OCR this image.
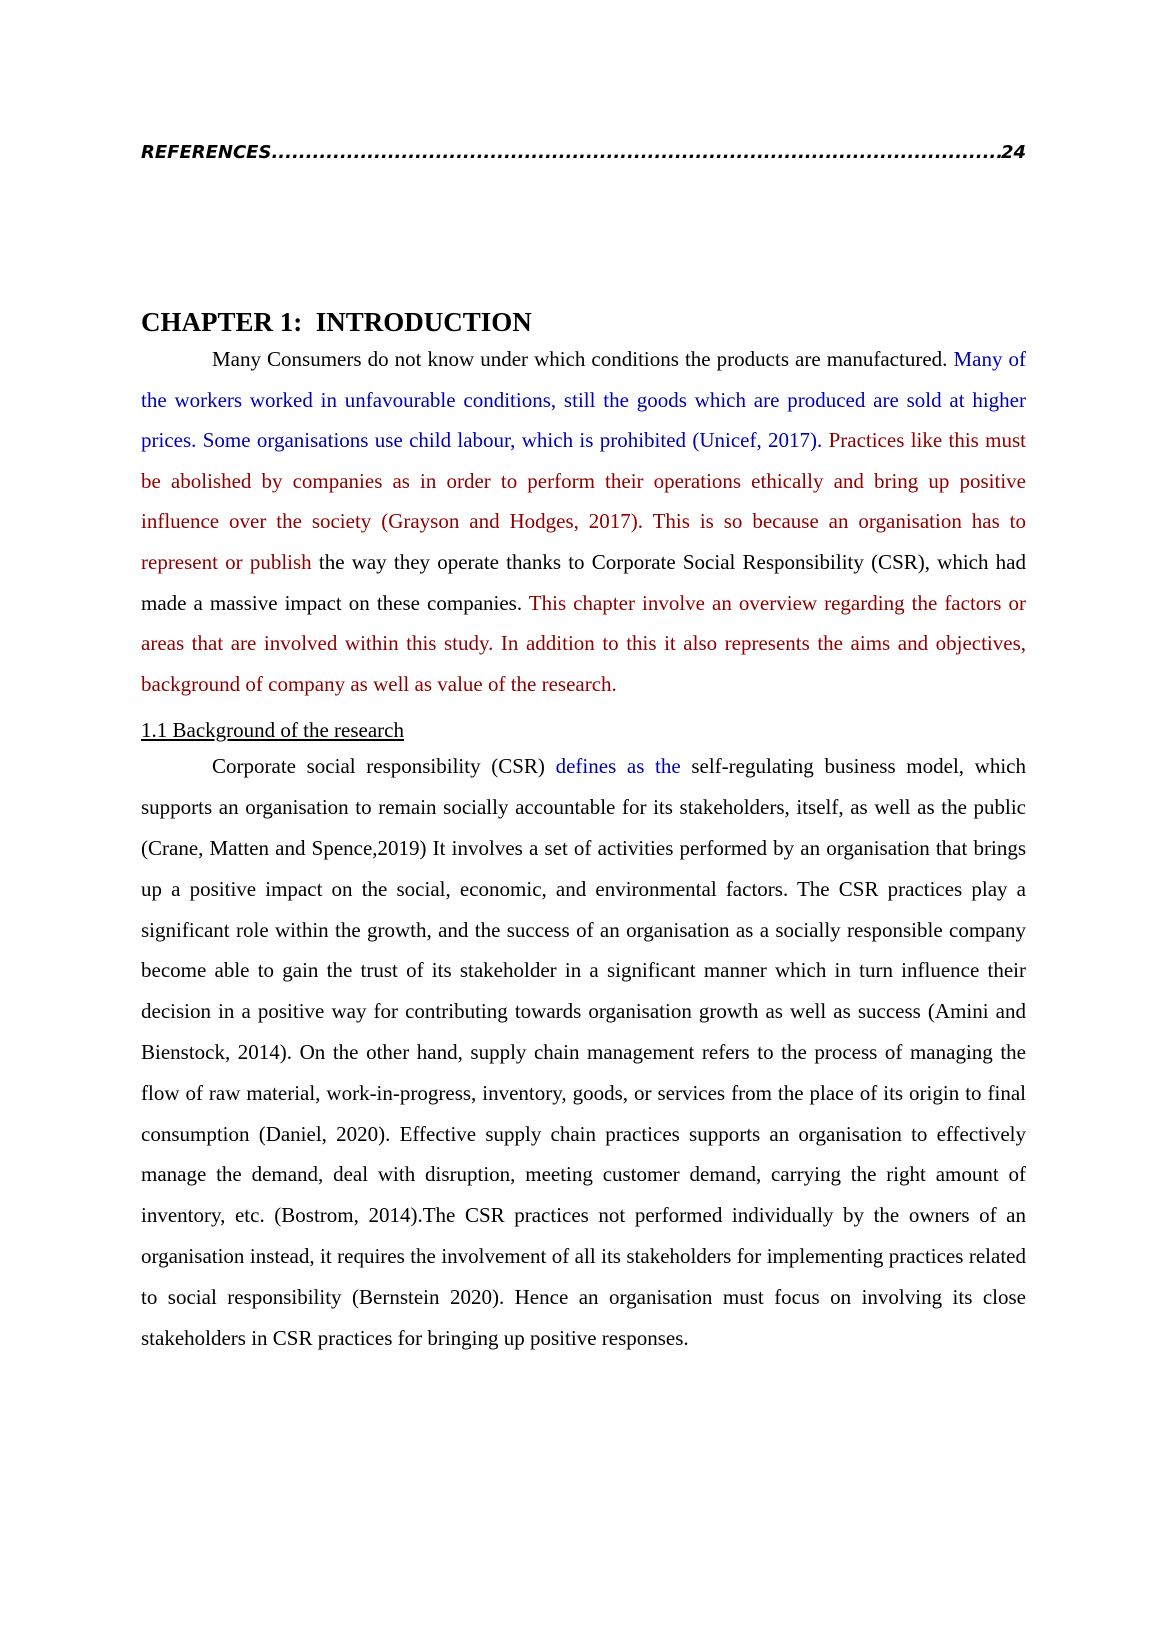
REFERENCES .....	24
CHAPTER 1:  INTRODUCTION

Many Consumers do not know under which conditions the products are manufactured. Many of the workers worked in unfavourable conditions, still the goods which are produced are sold at higher prices. Some organisations use child labour, which is prohibited (Unicef, 2017). Practices like this must be abolished by companies as in order to perform their operations ethically and bring up positive influence over the society (Grayson and Hodges, 2017). This is so because an organisation has to represent or publish the way they operate thanks to Corporate Social Responsibility (CSR), which had made a massive impact on these companies. This chapter involve an overview regarding the factors or areas that are involved within this study. In addition to this it also represents the aims and objectives, background of company as well as value of the research.

1.1 Background of the research

Corporate social responsibility (CSR) defines as the self-regulating business model, which supports an organisation to remain socially accountable for its stakeholders, itself, as well as the public (Crane, Matten and Spence,2019) It involves a set of activities performed by an organisation that brings up a positive impact on the social, economic, and environmental factors. The CSR practices play a significant role within the growth, and the success of an organisation as a socially responsible company become able to gain the trust of its stakeholder in a significant manner which in turn influence their decision in a positive way for contributing towards organisation growth as well as success (Amini and Bienstock, 2014). On the other hand, supply chain management refers to the process of managing the flow of raw material, work-in-progress, inventory, goods, or services from the place of its origin to final consumption (Daniel, 2020). Effective supply chain practices supports an organisation to effectively manage the demand, deal with disruption, meeting customer demand, carrying the right amount of inventory, etc. (Bostrom, 2014).The CSR practices not performed individually by the owners of an organisation instead, it requires the involvement of all its stakeholders for implementing practices related to social responsibility (Bernstein 2020). Hence an organisation must focus on involving its close stakeholders in CSR practices for bringing up positive responses.
